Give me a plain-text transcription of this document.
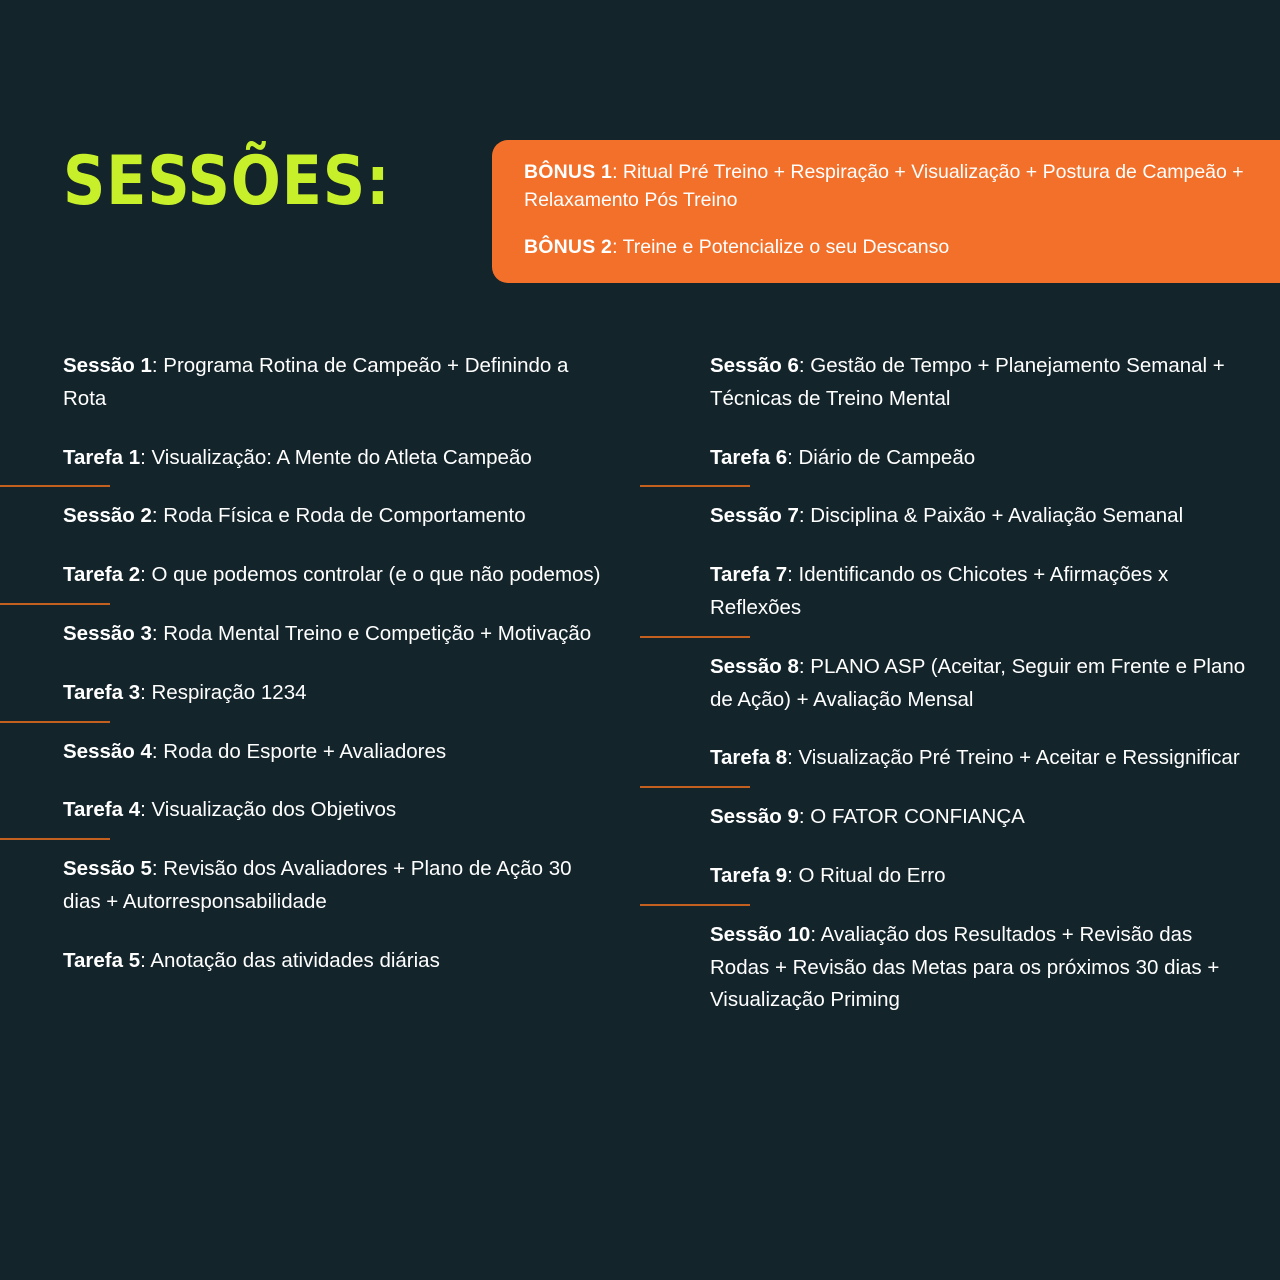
SESSÕES:	BÔNUS 1: Ritual Pré Treino + Respiração + Visualização + Postura de Campeão + Relaxamento Pós Treino
BÔNUS 2: Treine e Potencialize o seu Descanso
Sessão 1: Programa Rotina de Campeão + Definindo a Rota
Tarefa 1: Visualização: A Mente do Atleta Campeão
Sessão 2: Roda Física e Roda de Comportamento
Tarefa 2: O que podemos controlar (e o que não podemos)
Sessão 3: Roda Mental Treino e Competição + Motivação
Tarefa 3: Respiração 1234
Sessão 4: Roda do Esporte + Avaliadores
Tarefa 4: Visualização dos Objetivos
Sessão 5: Revisão dos Avaliadores + Plano de Ação 30 dias + Autorresponsabilidade
Tarefa 5: Anotação das atividades diárias
Sessão 6: Gestão de Tempo + Planejamento Semanal + Técnicas de Treino Mental
Tarefa 6: Diário de Campeão
Sessão 7: Disciplina & Paixão + Avaliação Semanal
Tarefa 7: Identificando os Chicotes + Afirmações x Reflexões
Sessão 8: PLANO ASP (Aceitar, Seguir em Frente e Plano de Ação) + Avaliação Mensal
Tarefa 8: Visualização Pré Treino + Aceitar e Ressignificar
Sessão 9: O FATOR CONFIANÇA
Tarefa 9: O Ritual do Erro
Sessão 10: Avaliação dos Resultados + Revisão das Rodas + Revisão das Metas para os próximos 30 dias + Visualização Priming
